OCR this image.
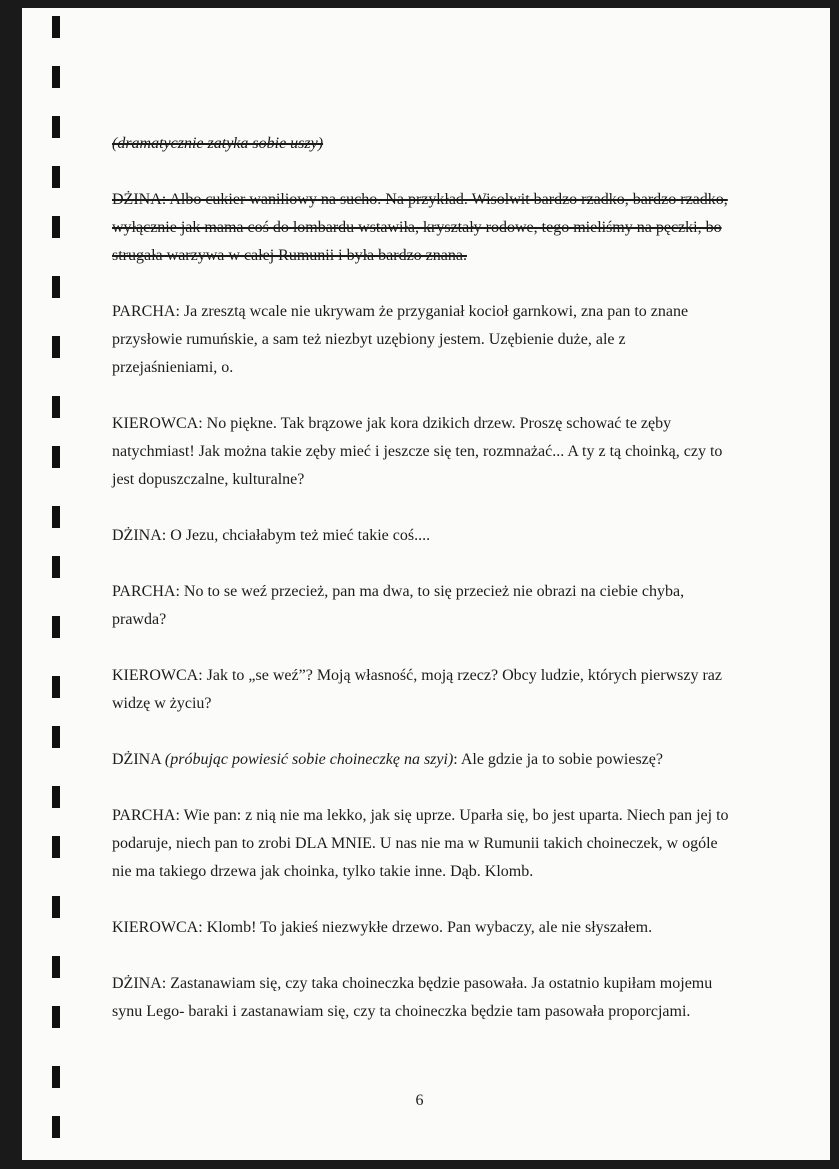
(dramatycznie zatyka sobie uszy)

DŻINA: Albo cukier waniliowy na sucho. Na przykład. Wisolwit bardzo rzadko, bardzo rzadko, wyłącznie jak mama coś do lombardu wstawiła, kryształy rodowe, tego mieliśmy na pęczki, bo strugała warzywa w całej Rumunii i była bardzo znana.

PARCHA: Ja zresztą wcale nie ukrywam że przyganiał kocioł garnkowi, zna pan to znane przysłowie rumuńskie, a sam też niezbyt uzębiony jestem. Uzębienie duże, ale z przejaśnieniami, o.

KIEROWCA: No piękne. Tak brązowe jak kora dzikich drzew. Proszę schować te zęby natychmiast! Jak można takie zęby mieć i jeszcze się ten, rozmnażać... A ty z tą choinką, czy to jest dopuszczalne, kulturalne?

DŻINA: O Jezu, chciałabym też mieć takie coś....

PARCHA: No to se weź przecież, pan ma dwa, to się przecież nie obrazi na ciebie chyba, prawda?

KIEROWCA: Jak to „se weź”? Moją własność, moją rzecz? Obcy ludzie, których pierwszy raz widzę w życiu?

DŻINA (próbując powiesić sobie choineczkę na szyi): Ale gdzie ja to sobie powieszę?

PARCHA: Wie pan: z nią nie ma lekko, jak się uprze. Uparła się, bo jest uparta. Niech pan jej to podaruje, niech pan to zrobi DLA MNIE. U nas nie ma w Rumunii takich choineczek, w ogóle nie ma takiego drzewa jak choinka, tylko takie inne. Dąb. Klomb.

KIEROWCA: Klomb! To jakieś niezwykłe drzewo. Pan wybaczy, ale nie słyszałem.

DŻINA: Zastanawiam się, czy taka choineczka będzie pasowała. Ja ostatnio kupiłam mojemu synu Lego- baraki i zastanawiam się, czy ta choineczka będzie tam pasowała proporcjami.

6
